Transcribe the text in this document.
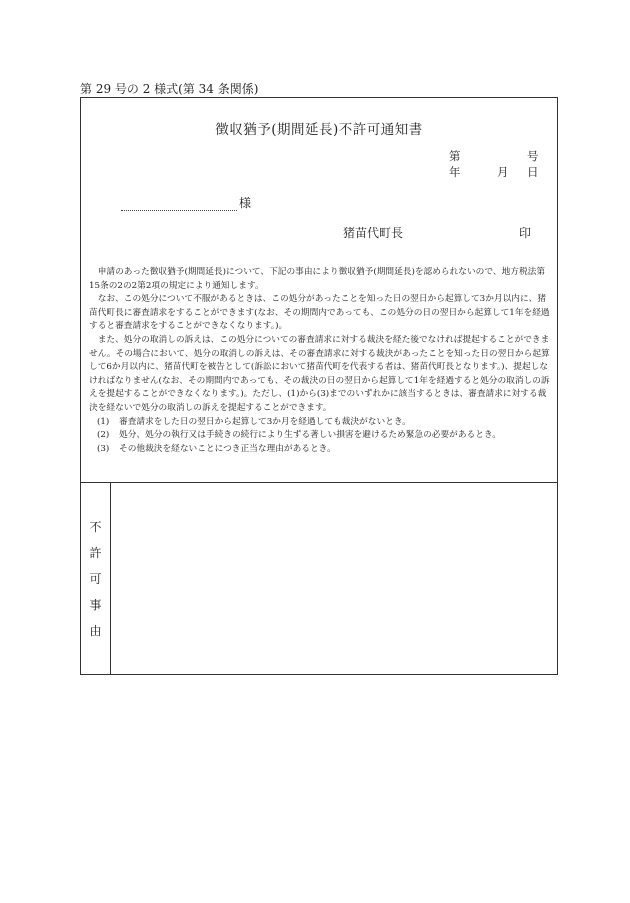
第 29 号の 2 様式(第 34 条関係)
徴収猶予(期間延長)不許可通知書
第	号
年	月	日
様
猪苗代町長	印

申請のあった徴収猶予(期間延長)について、下記の事由により徴収猶予(期間延長)を認められないので、地方税法第15条の2の2第2項の規定により通知します。

なお、この処分について不服があるときは、この処分があったことを知った日の翌日から起算して3か月以内に、猪苗代町長に審査請求をすることができます(なお、その期間内であっても、この処分の日の翌日から起算して1年を経過すると審査請求をすることができなくなります。)。

また、処分の取消しの訴えは、この処分についての審査請求に対する裁決を経た後でなければ提起することができません。その場合において、処分の取消しの訴えは、その審査請求に対する裁決があったことを知った日の翌日から起算して6か月以内に、猪苗代町を被告として(訴訟において猪苗代町を代表する者は、猪苗代町長となります。)、提起しなければなりません(なお、その期間内であっても、その裁決の日の翌日から起算して1年を経過すると処分の取消しの訴えを提起することができなくなります。)。ただし、(1)から(3)までのいずれかに該当するときは、審査請求に対する裁決を経ないで処分の取消しの訴えを提起することができます。

(1)	審査請求をした日の翌日から起算して3か月を経過しても裁決がないとき。
(2)	処分、処分の執行又は手続きの続行により生ずる著しい損害を避けるため緊急の必要があるとき。
(3)	その他裁決を経ないことにつき正当な理由があるとき。
不
許
可
事
由
